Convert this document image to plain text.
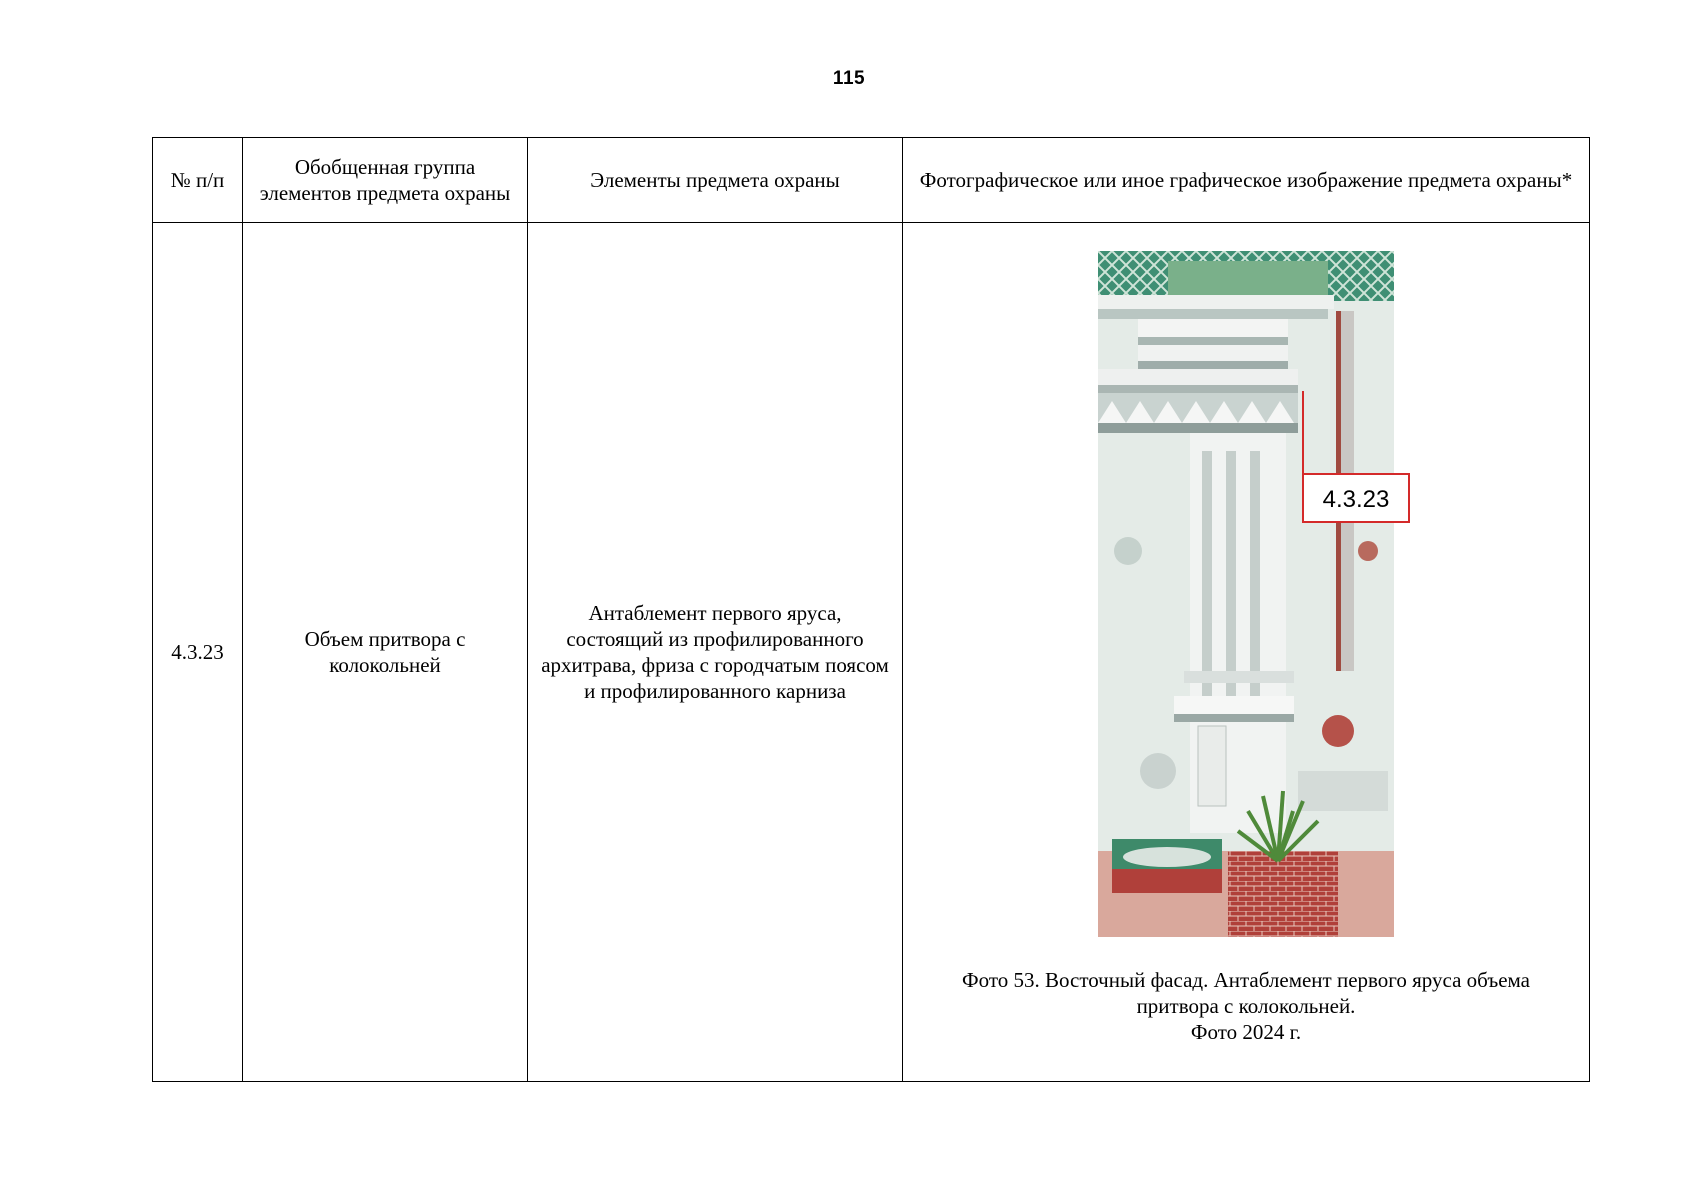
115
№ п/п	Обобщенная группа элементов предмета охраны	Элементы предмета охраны	Фотографическое или иное графическое изображение предмета охраны*
4.3.23	Объем притвора с колокольней	Антаблемент первого яруса, состоящий из профилированного архитрава, фриза с городчатым поясом и профилированного карниза	4.3.23
Фото 53. Восточный фасад. Антаблемент первого яруса объема
притвора с колокольней.
Фото 2024 г.
